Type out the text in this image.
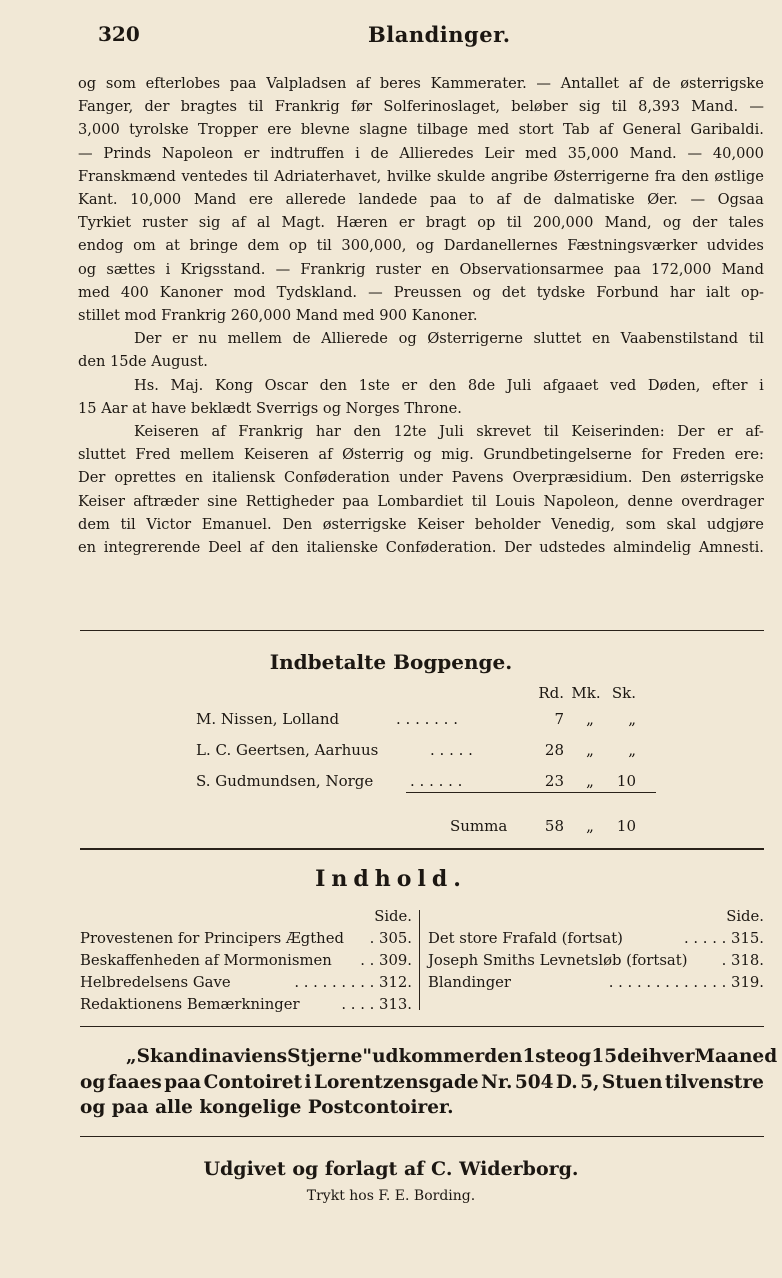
320	Blandinger.
og som efterlobes paa Valpladsen af beres Kammerater. — Antallet af de østerrigske
Fanger, der bragtes til Frankrig før Solferinoslaget, beløber sig til 8,393 Mand. —
3,000 tyrolske Tropper ere blevne slagne tilbage med stort Tab af General Garibaldi.
— Prinds Napoleon er indtruffen i de Allieredes Leir med 35,000 Mand. — 40,000
Franskmænd ventedes til Adriaterhavet, hvilke skulde angribe Østerrigerne fra den østlige
Kant. 10,000 Mand ere allerede landede paa to af de dalmatiske Øer. — Ogsaa
Tyrkiet ruster sig af al Magt. Hæren er bragt op til 200,000 Mand, og der tales
endog om at bringe dem op til 300,000, og Dardanellernes Fæstningsværker udvides
og sættes i Krigsstand. — Frankrig ruster en Observationsarmee paa 172,000 Mand
med 400 Kanoner mod Tydskland. — Preussen og det tydske Forbund har ialt op-
stillet mod Frankrig 260,000 Mand med 900 Kanoner.
Der er nu mellem de Allierede og Østerrigerne sluttet en Vaabenstilstand til
den 15de August.
Hs. Maj. Kong Oscar den 1ste er den 8de Juli afgaaet ved Døden, efter i
15 Aar at have beklædt Sverrigs og Norges Throne.
Keiseren af Frankrig har den 12te Juli skrevet til Keiserinden: Der er af-
sluttet Fred mellem Keiseren af Østerrig og mig. Grundbetingelserne for Freden ere:
Der oprettes en italiensk Conføderation under Pavens Overpræsidium. Den østerrigske
Keiser aftræder sine Rettigheder paa Lombardiet til Louis Napoleon, denne overdrager
dem til Victor Emanuel. Den østerrigske Keiser beholder Venedig, som skal udgjøre
en integrerende Deel af den italienske Conføderation. Der udstedes almindelig Amnesti.
Indbetalte Bogpenge.
Rd. Mk. Sk.
M. Nissen, Lolland	. . . . . . .	7	„	„
L. C. Geertsen, Aarhuus	. . . . .	28	„	„
S. Gudmundsen, Norge . . . . . .	23	„	10
Summa	58	„	10
Indhold.
Side.
Provestenen for Principers Ægthed . 305.
Beskaffenheden af Mormonismen . . 309.
Helbredelsens Gave	. . . . . . . . . 312.
Redaktionens Bemærkninger	. . . . 313.
Side.
Det store Frafald (fortsat)	. . . . . 315.
Joseph Smiths Levnetsløb (fortsat) . 318.
Blandinger	. . . . . . . . . . . . . 319.
„Skandinaviens Stjerne" udkommer den 1ste og 15de i hver Maaned
og faaes paa Contoiret i Lorentzensgade Nr. 504 D. 5, Stuen tilvenstre
og paa alle kongelige Postcontoirer.
Udgivet og forlagt af C. Widerborg.
Trykt hos F. E. Bording.
